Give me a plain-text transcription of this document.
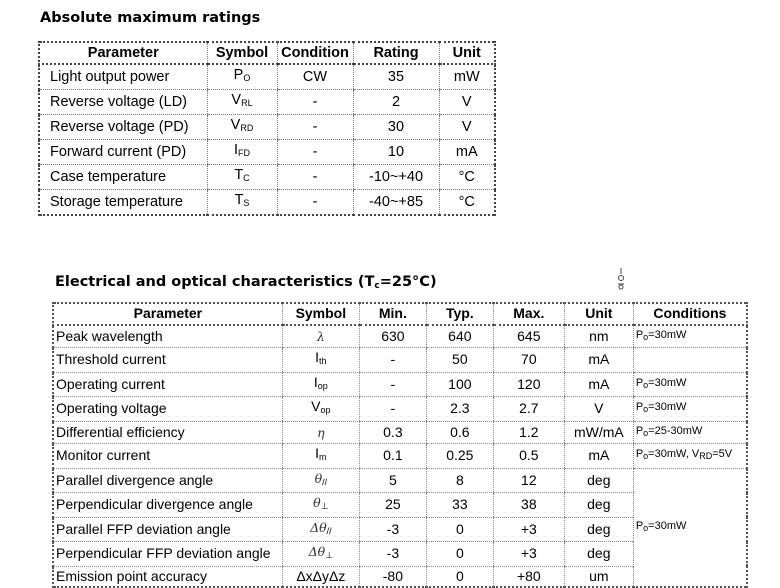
Absolute maximum ratings
Parameter	Symbol	Condition	Rating	Unit
Light output power	$P_O$	CW	35	mW
Reverse voltage (LD)	$V_{RL}$	-	2	V
Reverse voltage (PD)	$V_{RD}$	-	30	V
Forward current (PD)	$I_{FD}$	-	10	mA
Case temperature	$T_C$	-	-10~+40	°C
Storage temperature	$T_S$	-	-40~+85	°C
Electrical and optical characteristics $(T_c=25^\circ C)$
Parameter	Symbol	Min.	Typ.	Max.	Unit	Conditions
Peak wavelength	λ	630	640	645	nm	$P_o=30mW$
Threshold current	$I_{th}$	-	50	70	mA	
Operating current	$I_{op}$	-	100	120	mA	$P_o=30mW$
Operating voltage	$V_{op}$	-	2.3	2.7	V	$P_o=30mW$
Differential efficiency	η	0.3	0.6	1.2	mW/mA	$P_o=25-30mW$
Monitor current	$I_m$	0.1	0.25	0.5	mA	$P_o=30mW$, $V_{RD}=5V$
Parallel divergence angle	$\theta_{//}$	5	8	12	deg	$P_o=30mW$
Perpendicular divergence angle	$\theta_\perp$	25	33	38	deg	
Parallel FFP deviation angle	$\Delta\theta_{//}$	-3	0	+3	deg	
Perpendicular FFP deviation angle	$\Delta\theta_\perp$	-3	0	+3	deg	
Emission point accuracy	ΔxΔyΔz	-80	0	+80	um	
